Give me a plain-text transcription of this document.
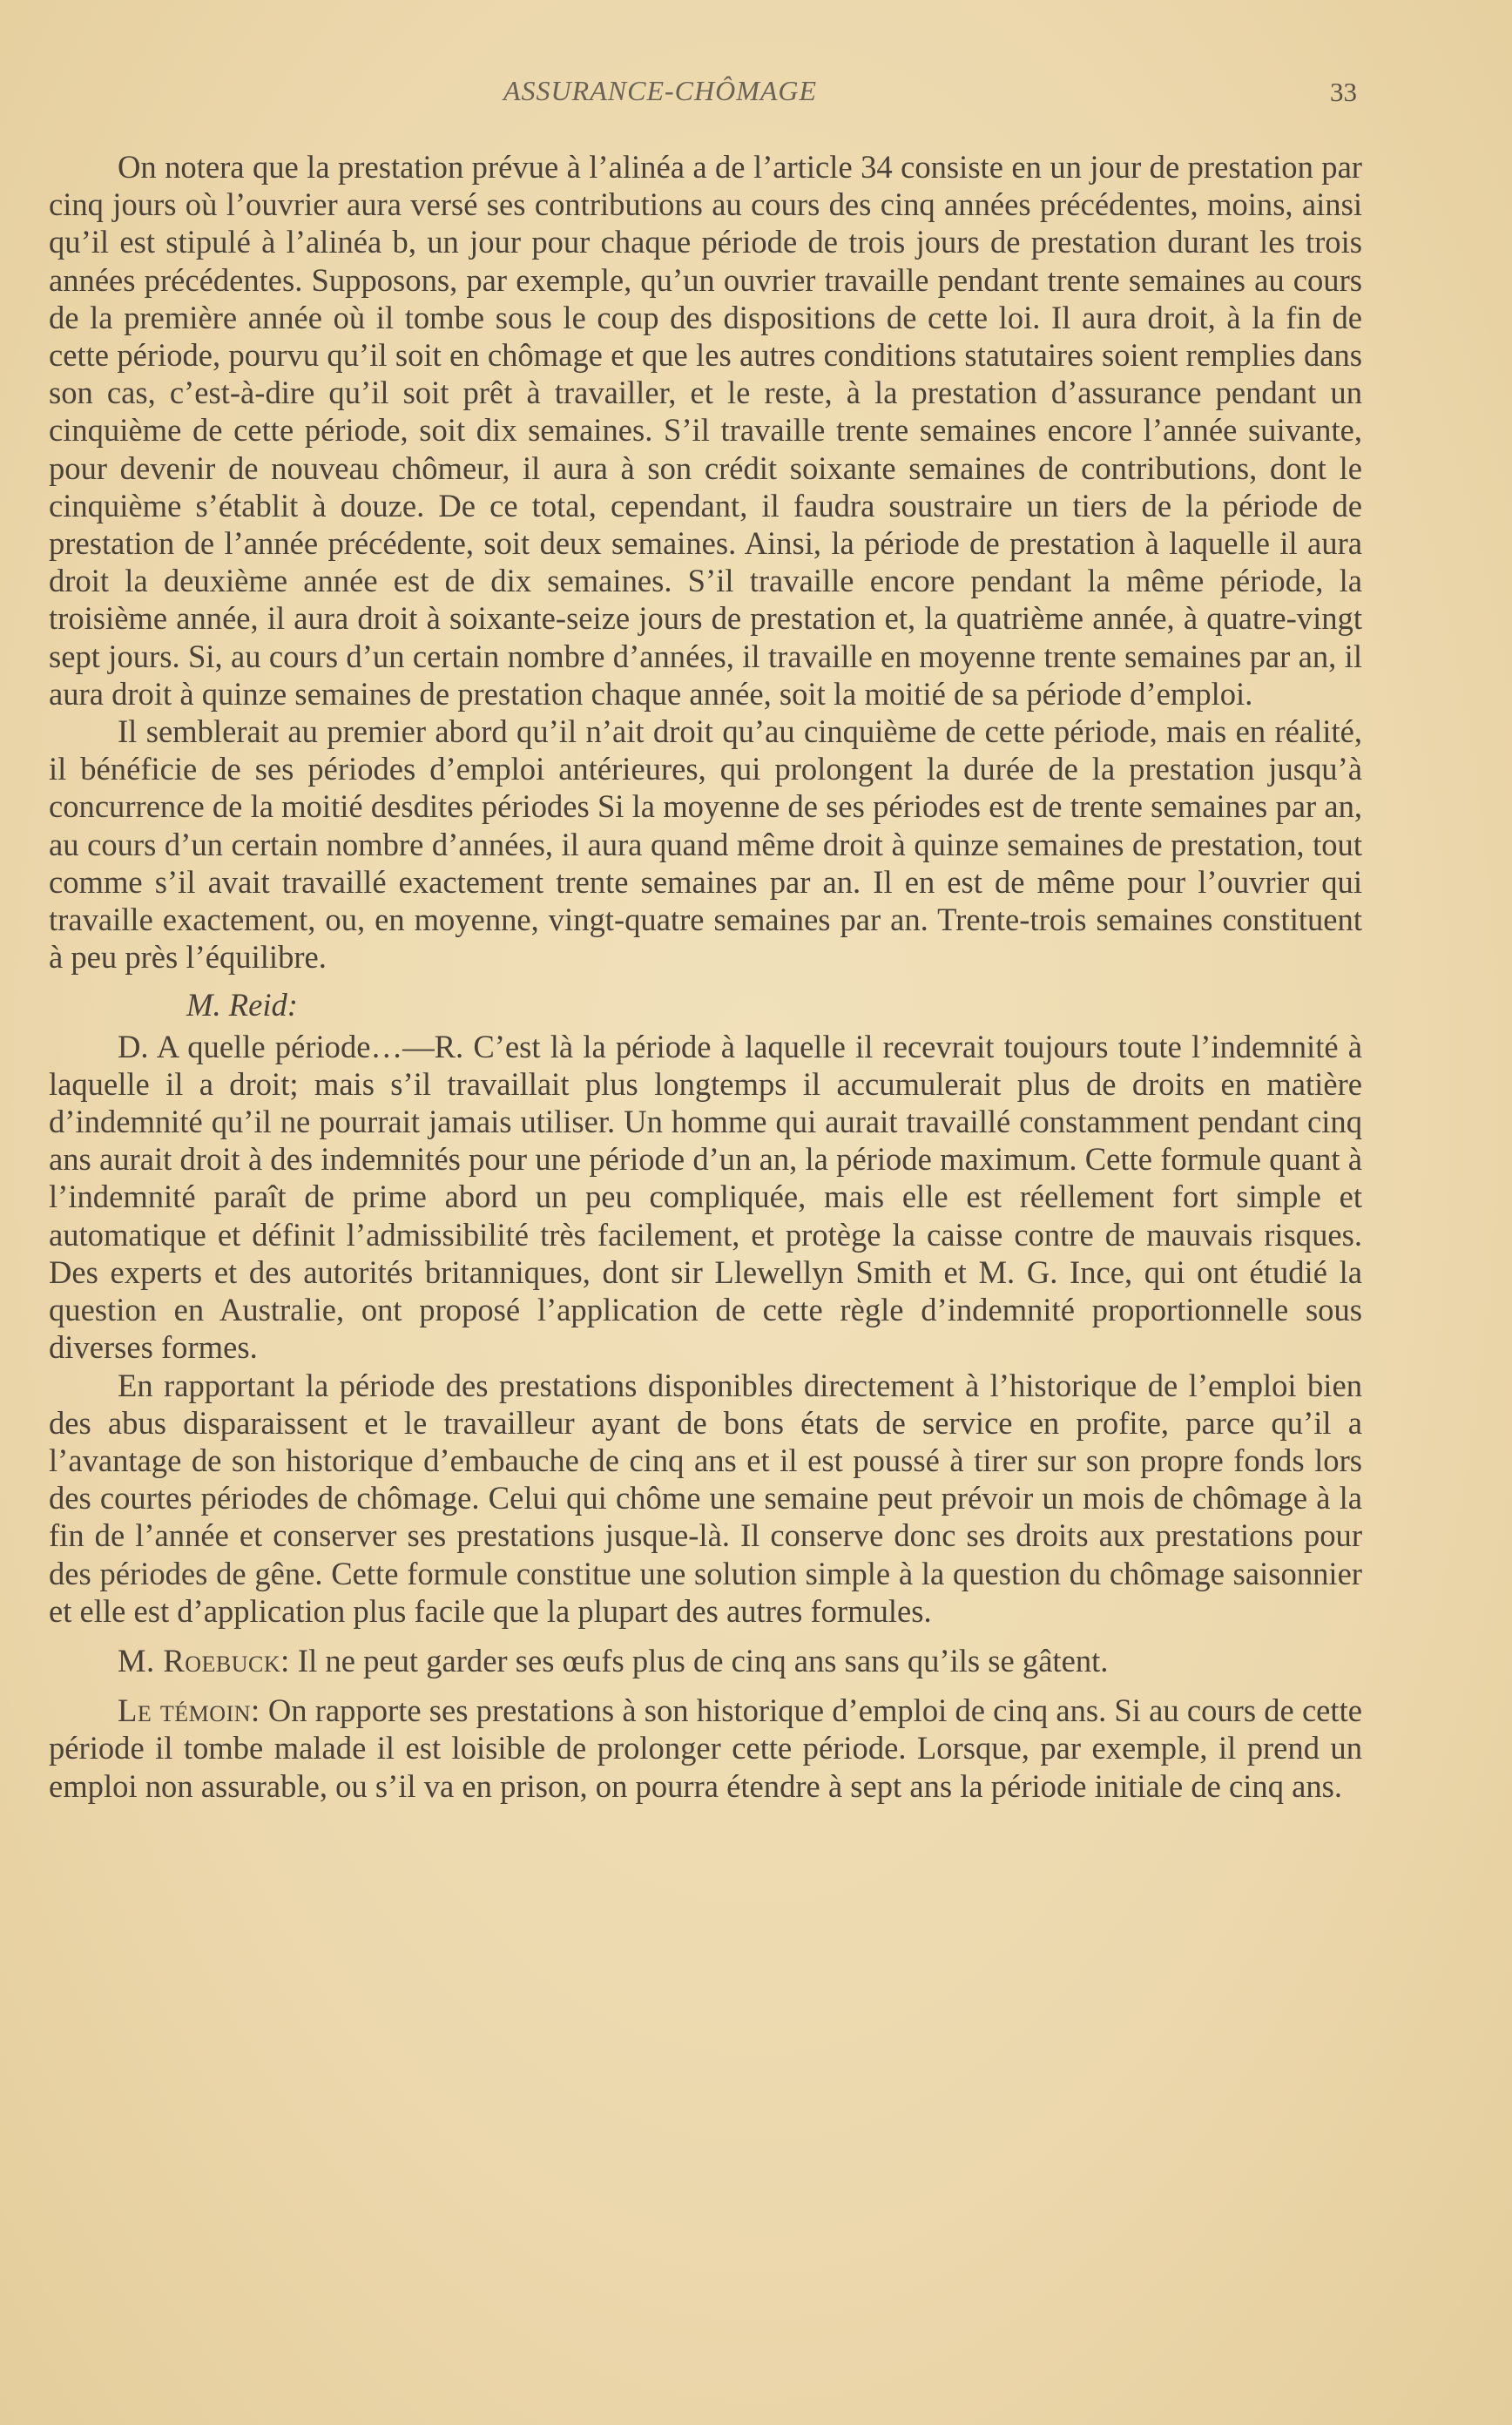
ASSURANCE-CHÔMAGE	33

On notera que la prestation prévue à l’alinéa a de l’article 34 consiste en un jour de prestation par cinq jours où l’ouvrier aura versé ses contributions au cours des cinq années précédentes, moins, ainsi qu’il est stipulé à l’alinéa b, un jour pour chaque période de trois jours de prestation durant les trois années précédentes. Supposons, par exemple, qu’un ouvrier travaille pendant trente semaines au cours de la première année où il tombe sous le coup des dispositions de cette loi. Il aura droit, à la fin de cette période, pourvu qu’il soit en chômage et que les autres conditions statutaires soient remplies dans son cas, c’est-à-dire qu’il soit prêt à travailler, et le reste, à la prestation d’assurance pendant un cinquième de cette période, soit dix semaines. S’il travaille trente semaines encore l’année suivante, pour devenir de nouveau chômeur, il aura à son crédit soixante semaines de contributions, dont le cinquième s’établit à douze. De ce total, cependant, il faudra soustraire un tiers de la période de prestation de l’année précédente, soit deux semaines. Ainsi, la période de prestation à laquelle il aura droit la deuxième année est de dix semaines. S’il travaille encore pendant la même période, la troisième année, il aura droit à soixante-seize jours de prestation et, la quatrième année, à quatre-vingt sept jours. Si, au cours d’un certain nombre d’années, il travaille en moyenne trente semaines par an, il aura droit à quinze semaines de prestation chaque année, soit la moitié de sa période d’emploi.

Il semblerait au premier abord qu’il n’ait droit qu’au cinquième de cette période, mais en réalité, il bénéficie de ses périodes d’emploi antérieures, qui prolongent la durée de la prestation jusqu’à concurrence de la moitié desdites périodes Si la moyenne de ses périodes est de trente semaines par an, au cours d’un certain nombre d’années, il aura quand même droit à quinze semaines de prestation, tout comme s’il avait travaillé exactement trente semaines par an. Il en est de même pour l’ouvrier qui travaille exactement, ou, en moyenne, vingt-quatre semaines par an. Trente-trois semaines constituent à peu près l’équilibre.

M. Reid:

D. A quelle période…—R. C’est là la période à laquelle il recevrait toujours toute l’indemnité à laquelle il a droit; mais s’il travaillait plus longtemps il accumulerait plus de droits en matière d’indemnité qu’il ne pourrait jamais utiliser. Un homme qui aurait travaillé constamment pendant cinq ans aurait droit à des indemnités pour une période d’un an, la période maximum. Cette formule quant à l’indemnité paraît de prime abord un peu compliquée, mais elle est réellement fort simple et automatique et définit l’admissibilité très facilement, et protège la caisse contre de mauvais risques. Des experts et des autorités britanniques, dont sir Llewellyn Smith et M. G. Ince, qui ont étudié la question en Australie, ont proposé l’application de cette règle d’indemnité proportionnelle sous diverses formes.

En rapportant la période des prestations disponibles directement à l’historique de l’emploi bien des abus disparaissent et le travailleur ayant de bons états de service en profite, parce qu’il a l’avantage de son historique d’embauche de cinq ans et il est poussé à tirer sur son propre fonds lors des courtes périodes de chômage. Celui qui chôme une semaine peut prévoir un mois de chômage à la fin de l’année et conserver ses prestations jusque-là. Il conserve donc ses droits aux prestations pour des périodes de gêne. Cette formule constitue une solution simple à la question du chômage saisonnier et elle est d’application plus facile que la plupart des autres formules.

M. Roebuck: Il ne peut garder ses œufs plus de cinq ans sans qu’ils se gâtent.

Le témoin: On rapporte ses prestations à son historique d’emploi de cinq ans. Si au cours de cette période il tombe malade il est loisible de prolonger cette période. Lorsque, par exemple, il prend un emploi non assurable, ou s’il va en prison, on pourra étendre à sept ans la période initiale de cinq ans.
